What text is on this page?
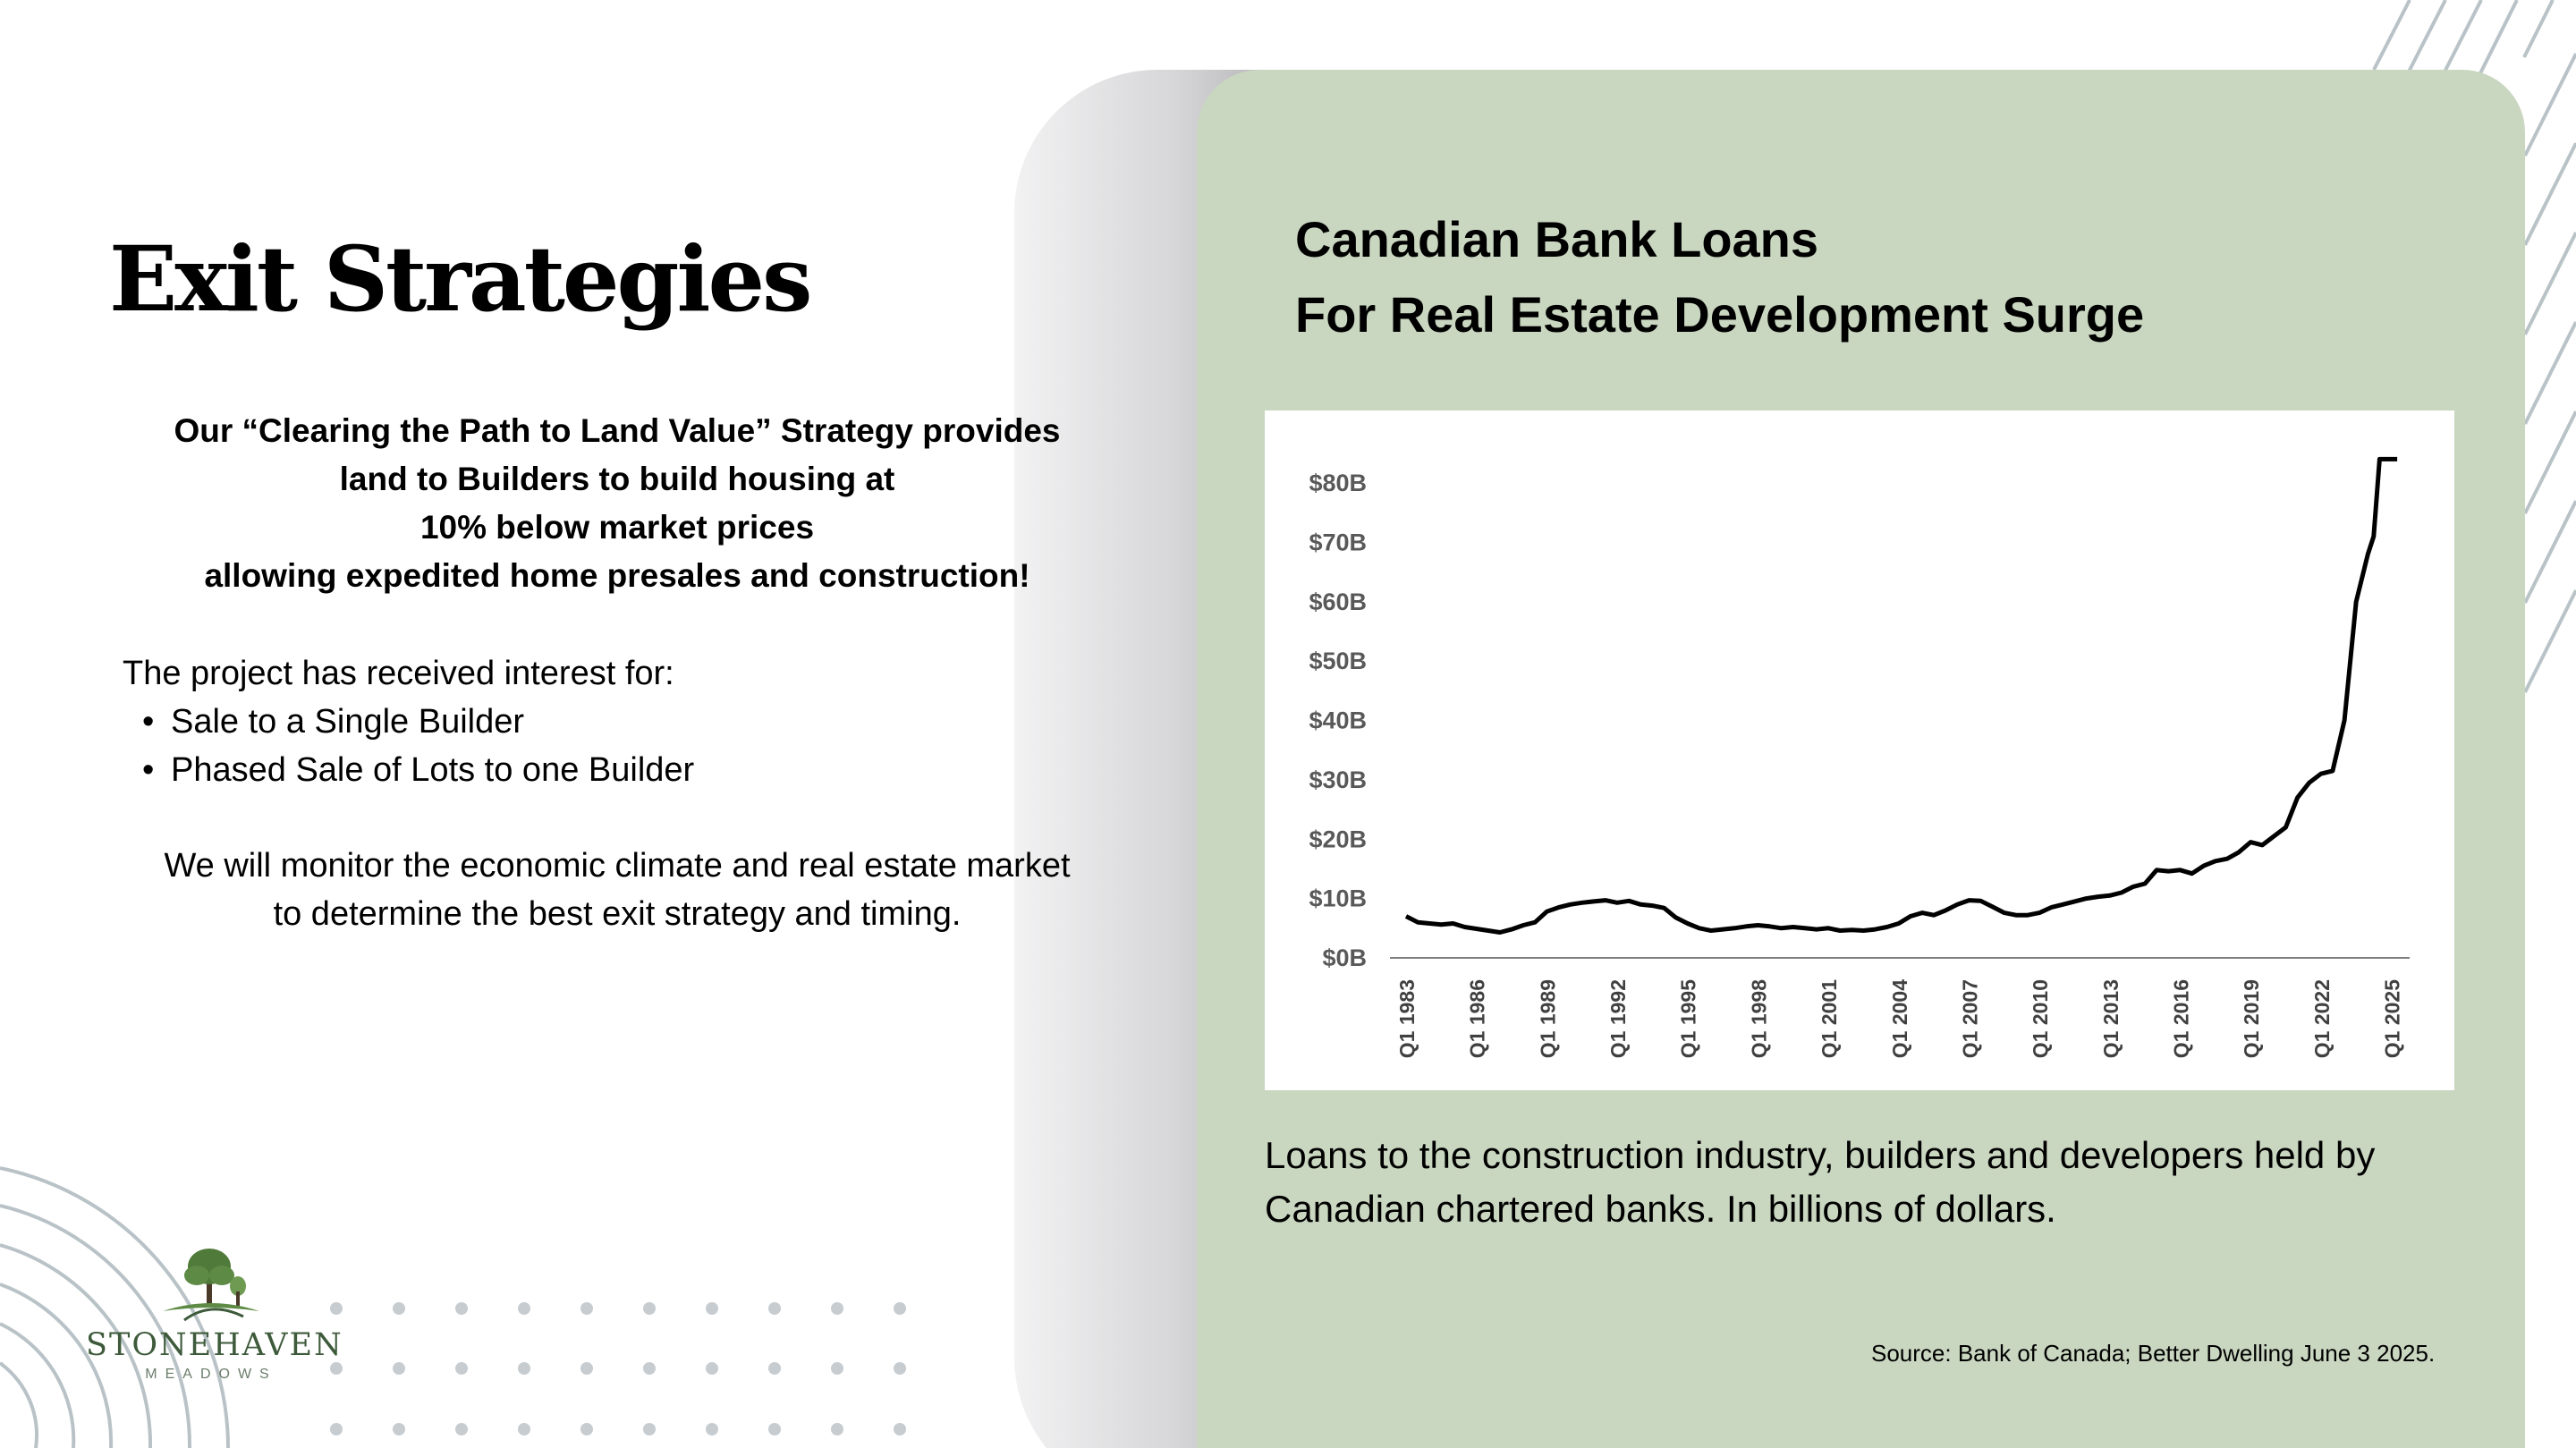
Exit Strategies
Our “Clearing the Path to Land Value” Strategy provides
land to Builders to build housing at
10% below market prices
allowing expedited home presales and construction!

The project has received interest for:

• Sale to a Single Builder
• Phased Sale of Lots to one Builder
We will monitor the economic climate and real estate market
to determine the best exit strategy and timing.
Canadian Bank Loans
For Real Estate Development Surge
$0B
$10B
$20B
$30B
$40B
$50B
$60B
$70B
$80B
Q1 1983 Q1 1986 Q1 1989 Q1 1992 Q1 1995 Q1 1998 Q1 2001 Q1 2004 Q1 2007 Q1 2010 Q1 2013 Q1 2016 Q1 2019 Q1 2022 Q1 2025
Loans to the construction industry, builders and developers held by
Canadian chartered banks. In billions of dollars.
Source: Bank of Canada; Better Dwelling June 3 2025.
STONEHAVEN
MEADOWS
